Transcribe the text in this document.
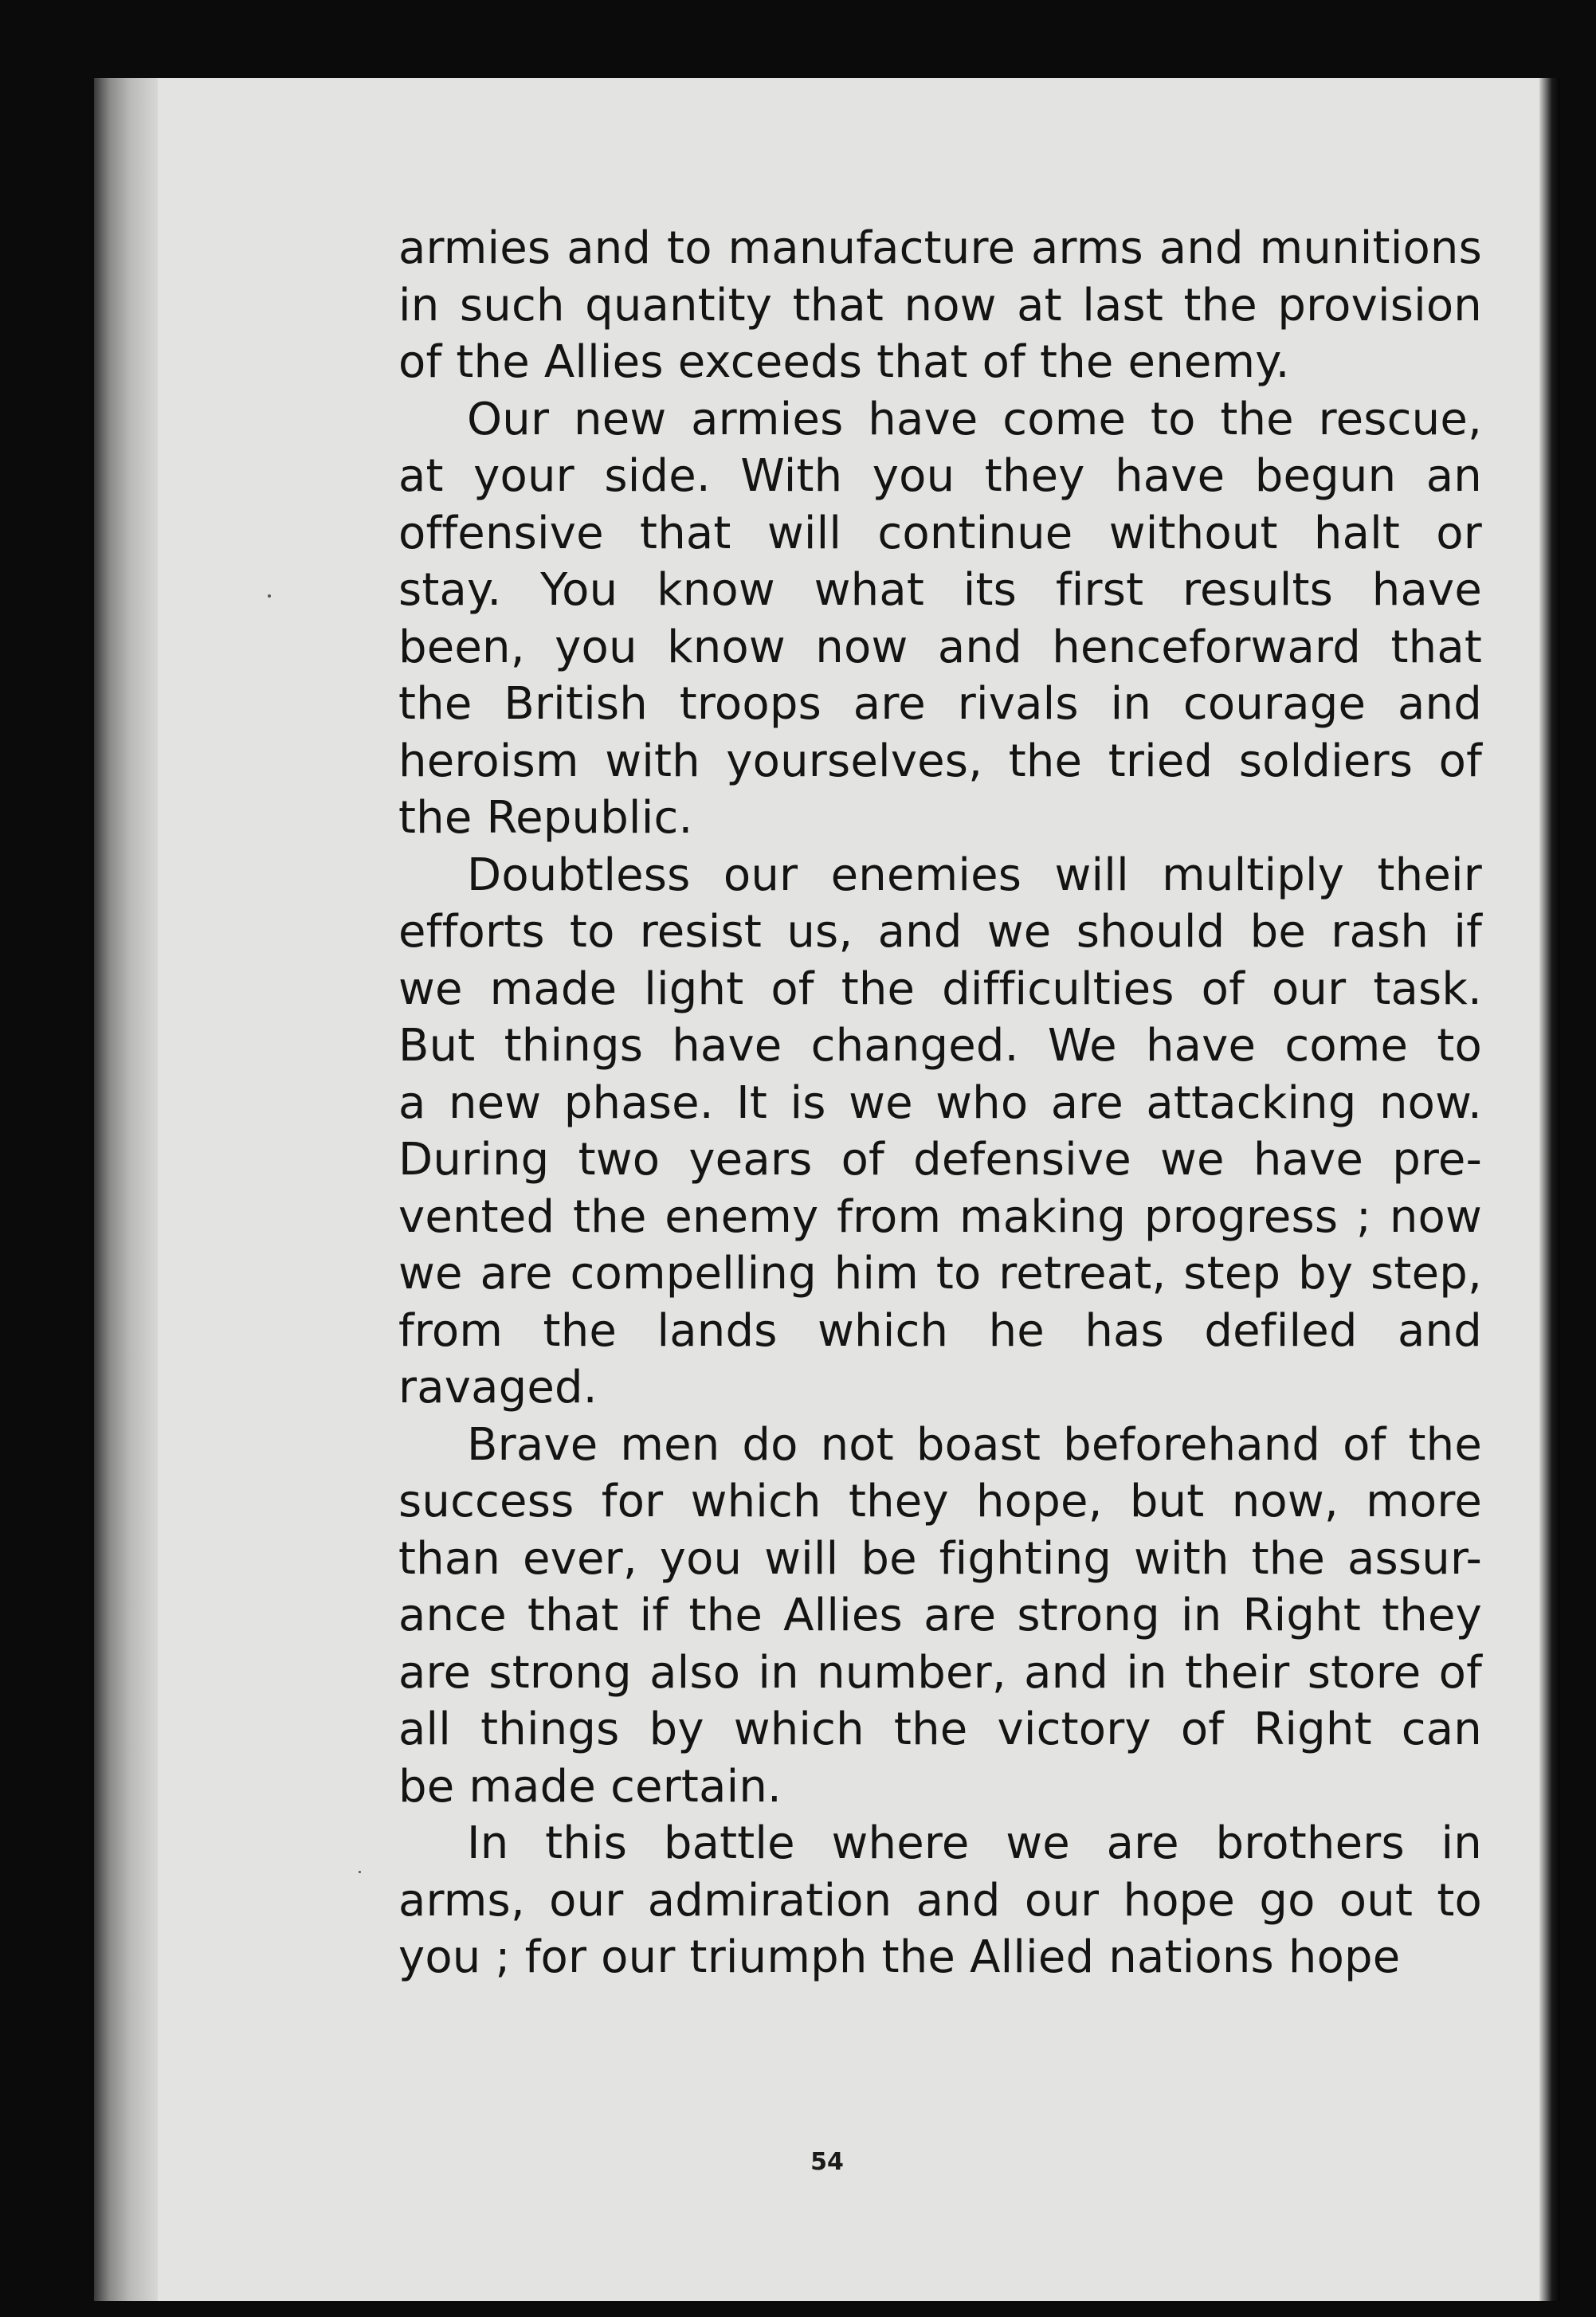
armies and to manufacture arms and munitions
in such quantity that now at last the provision
of the Allies exceeds that of the enemy.
Our new armies have come to the rescue,
at your side. With you they have begun an
offensive that will continue without halt or
stay. You know what its first results have
been, you know now and henceforward that
the British troops are rivals in courage and
heroism with yourselves, the tried soldiers of
the Republic.
Doubtless our enemies will multiply their
efforts to resist us, and we should be rash if
we made light of the difficulties of our task.
But things have changed. We have come to
a new phase. It is we who are attacking now.
During two years of defensive we have pre-
vented the enemy from making progress ; now
we are compelling him to retreat, step by step,
from the lands which he has defiled and
ravaged.
Brave men do not boast beforehand of the
success for which they hope, but now, more
than ever, you will be fighting with the assur-
ance that if the Allies are strong in Right they
are strong also in number, and in their store of
all things by which the victory of Right can
be made certain.
In this battle where we are brothers in
arms, our admiration and our hope go out to
you ; for our triumph the Allied nations hope
54
